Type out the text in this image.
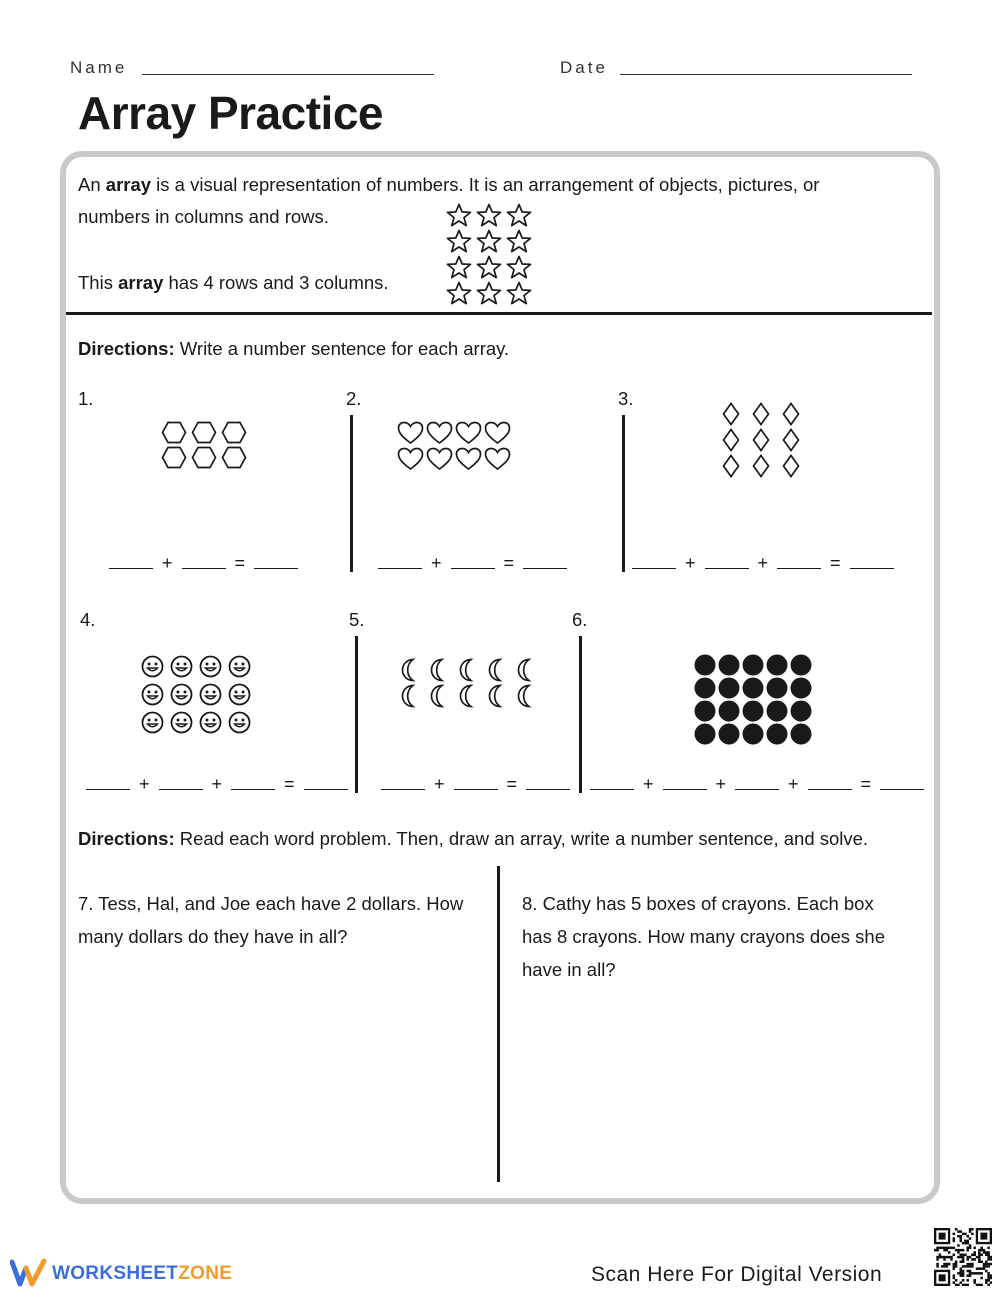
Name	Date
Array Practice
An array is a visual representation of numbers. It is an arrangement of objects, pictures, or
numbers in columns and rows.
This array has 4 rows and 3 columns.
Directions: Write a number sentence for each array.
1.	2.	3.
4.	5.	6.
+	=	+	=	+	+	=
+	+	=	+	=	+	+	+	=
Directions: Read each word problem. Then, draw an array, write a number sentence, and solve.
7. Tess, Hal, and Joe each have 2 dollars. How
many dollars do they have in all?
8. Cathy has 5 boxes of crayons. Each box
has 8 crayons. How many crayons does she
have in all?
WORKSHEETZONE	Scan Here For Digital Version
